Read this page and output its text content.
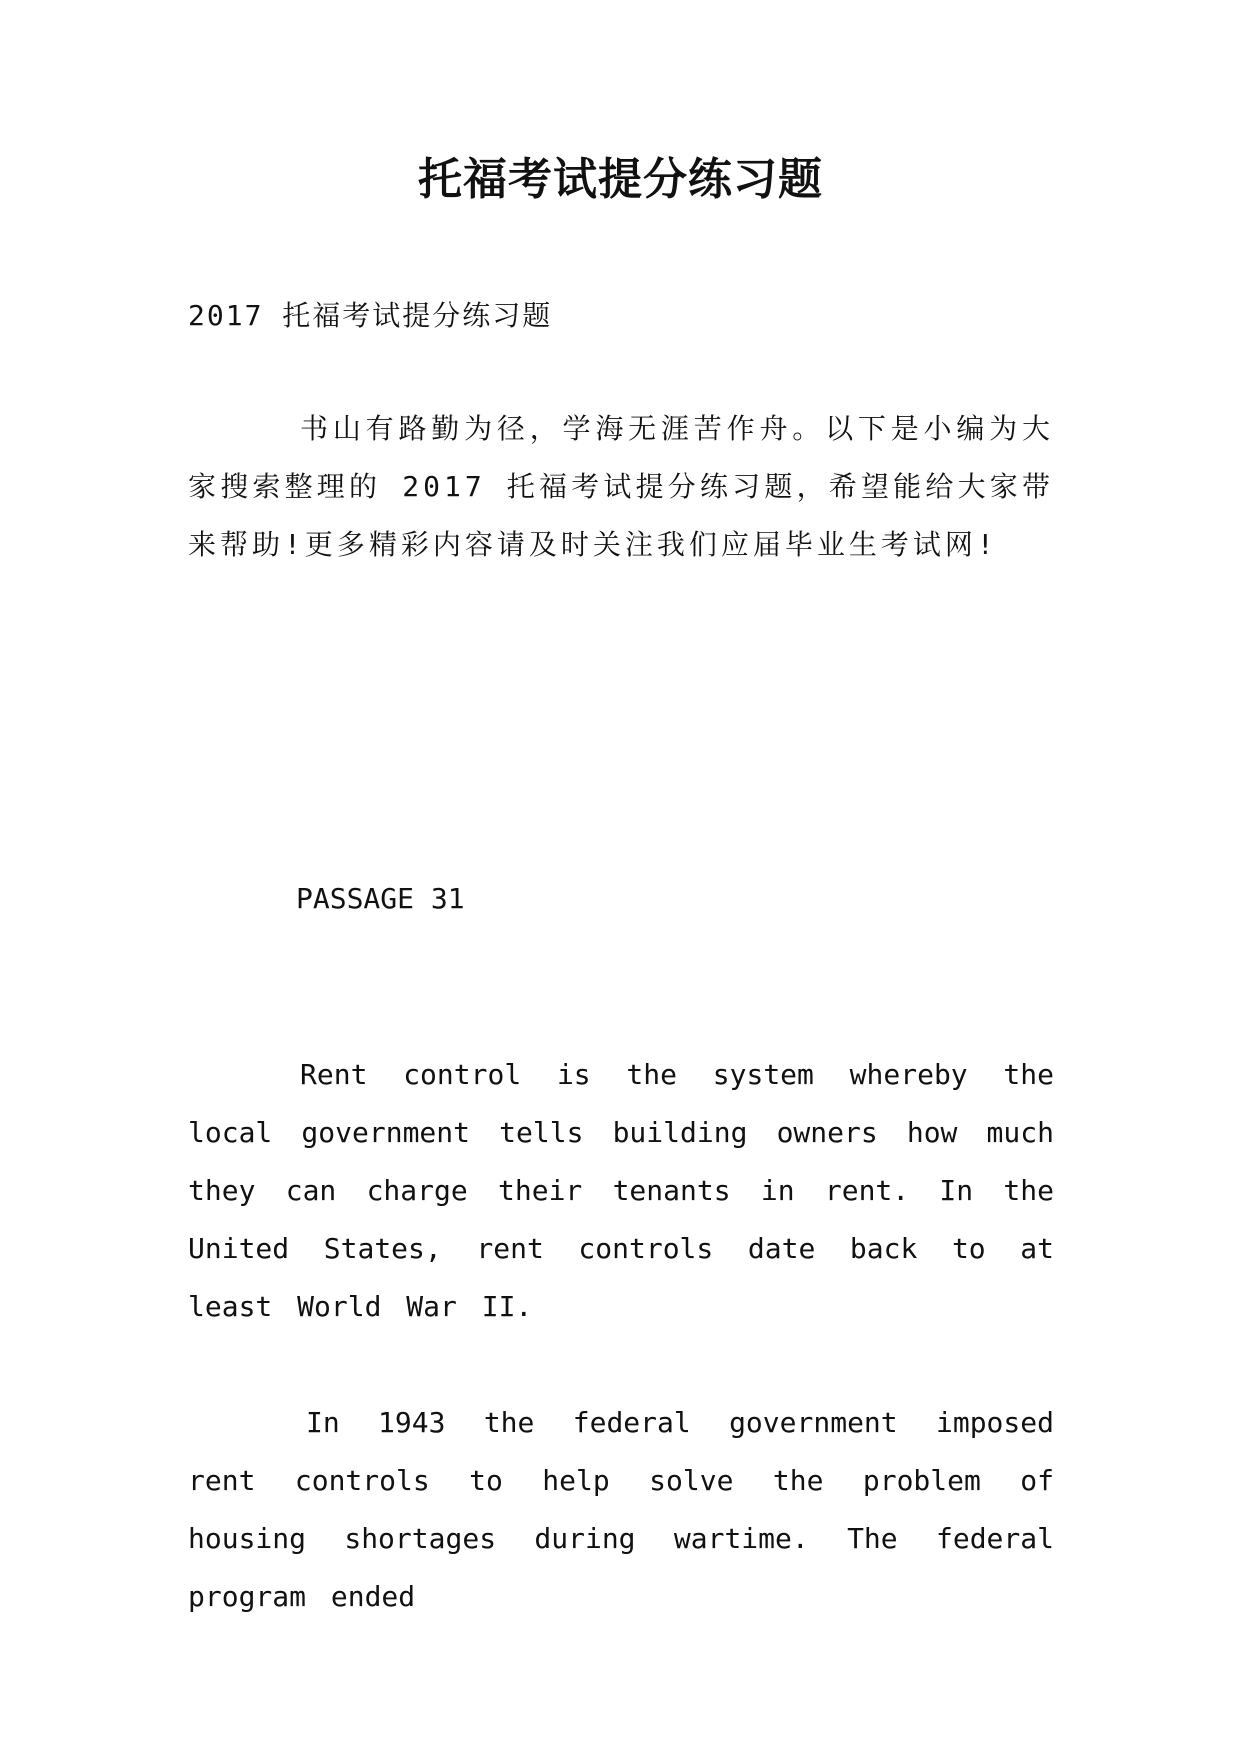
托福考试提分练习题

2017 托福考试提分练习题

书山有路勤为径，学海无涯苦作舟。以下是小编为大家搜索整理的 2017 托福考试提分练习题，希望能给大家带来帮助!更多精彩内容请及时关注我们应届毕业生考试网!

PASSAGE 31

Rent control is the system whereby the local government tells building owners how much they can charge their tenants in rent. In the United States, rent controls date back to at least World War II.

In 1943 the federal government imposed rent controls to help solve the problem of housing shortages during wartime. The federal program ended
